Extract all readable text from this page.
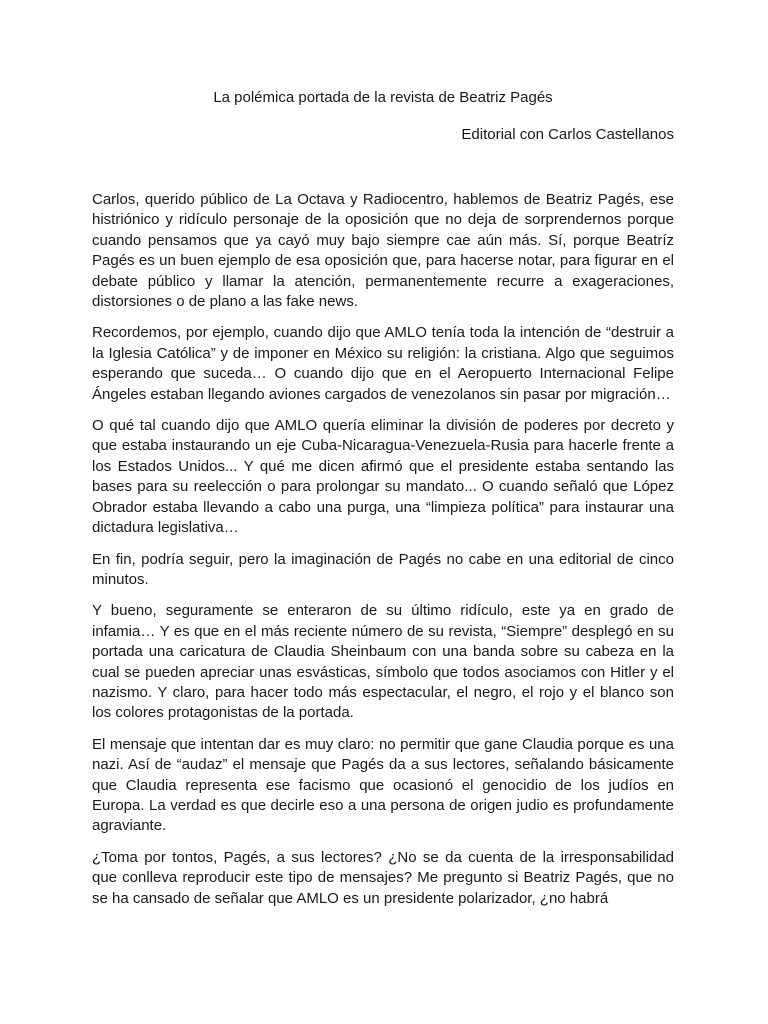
La polémica portada de la revista de Beatriz Pagés
Editorial con Carlos Castellanos

Carlos, querido público de La Octava y Radiocentro, hablemos de Beatriz Pagés, ese histriónico y ridículo personaje de la oposición que no deja de sorprendernos porque cuando pensamos que ya cayó muy bajo siempre cae aún más. Sí, porque Beatríz Pagés es un buen ejemplo de esa oposición que, para hacerse notar, para figurar en el debate público y llamar la atención, permanentemente recurre a exageraciones, distorsiones o de plano a las fake news.

Recordemos, por ejemplo, cuando dijo que AMLO tenía toda la intención de “destruir a la Iglesia Católica” y de imponer en México su religión: la cristiana. Algo que seguimos esperando que suceda… O cuando dijo que en el Aeropuerto Internacional Felipe Ángeles estaban llegando aviones cargados de venezolanos sin pasar por migración…

O qué tal cuando dijo que AMLO quería eliminar la división de poderes por decreto y que estaba instaurando un eje Cuba-Nicaragua-Venezuela-Rusia para hacerle frente a los Estados Unidos... Y qué me dicen afirmó que el presidente estaba sentando las bases para su reelección o para prolongar su mandato... O cuando señaló que López Obrador estaba llevando a cabo una purga, una “limpieza política” para instaurar una dictadura legislativa…

En fin, podría seguir, pero la imaginación de Pagés no cabe en una editorial de cinco minutos.

Y bueno, seguramente se enteraron de su último ridículo, este ya en grado de infamia… Y es que en el más reciente número de su revista, “Siempre” desplegó en su portada una caricatura de Claudia Sheinbaum con una banda sobre su cabeza en la cual se pueden apreciar unas esvásticas, símbolo que todos asociamos con Hitler y el nazismo. Y claro, para hacer todo más espectacular, el negro, el rojo y el blanco son los colores protagonistas de la portada.

El mensaje que intentan dar es muy claro: no permitir que gane Claudia porque es una nazi. Así de “audaz” el mensaje que Pagés da a sus lectores, señalando básicamente que Claudia representa ese facismo que ocasionó el genocidio de los judíos en Europa. La verdad es que decirle eso a una persona de origen judio es profundamente agraviante.

¿Toma por tontos, Pagés, a sus lectores? ¿No se da cuenta de la irresponsabilidad que conlleva reproducir este tipo de mensajes? Me pregunto si Beatriz Pagés, que no se ha cansado de señalar que AMLO es un presidente polarizador, ¿no habrá
